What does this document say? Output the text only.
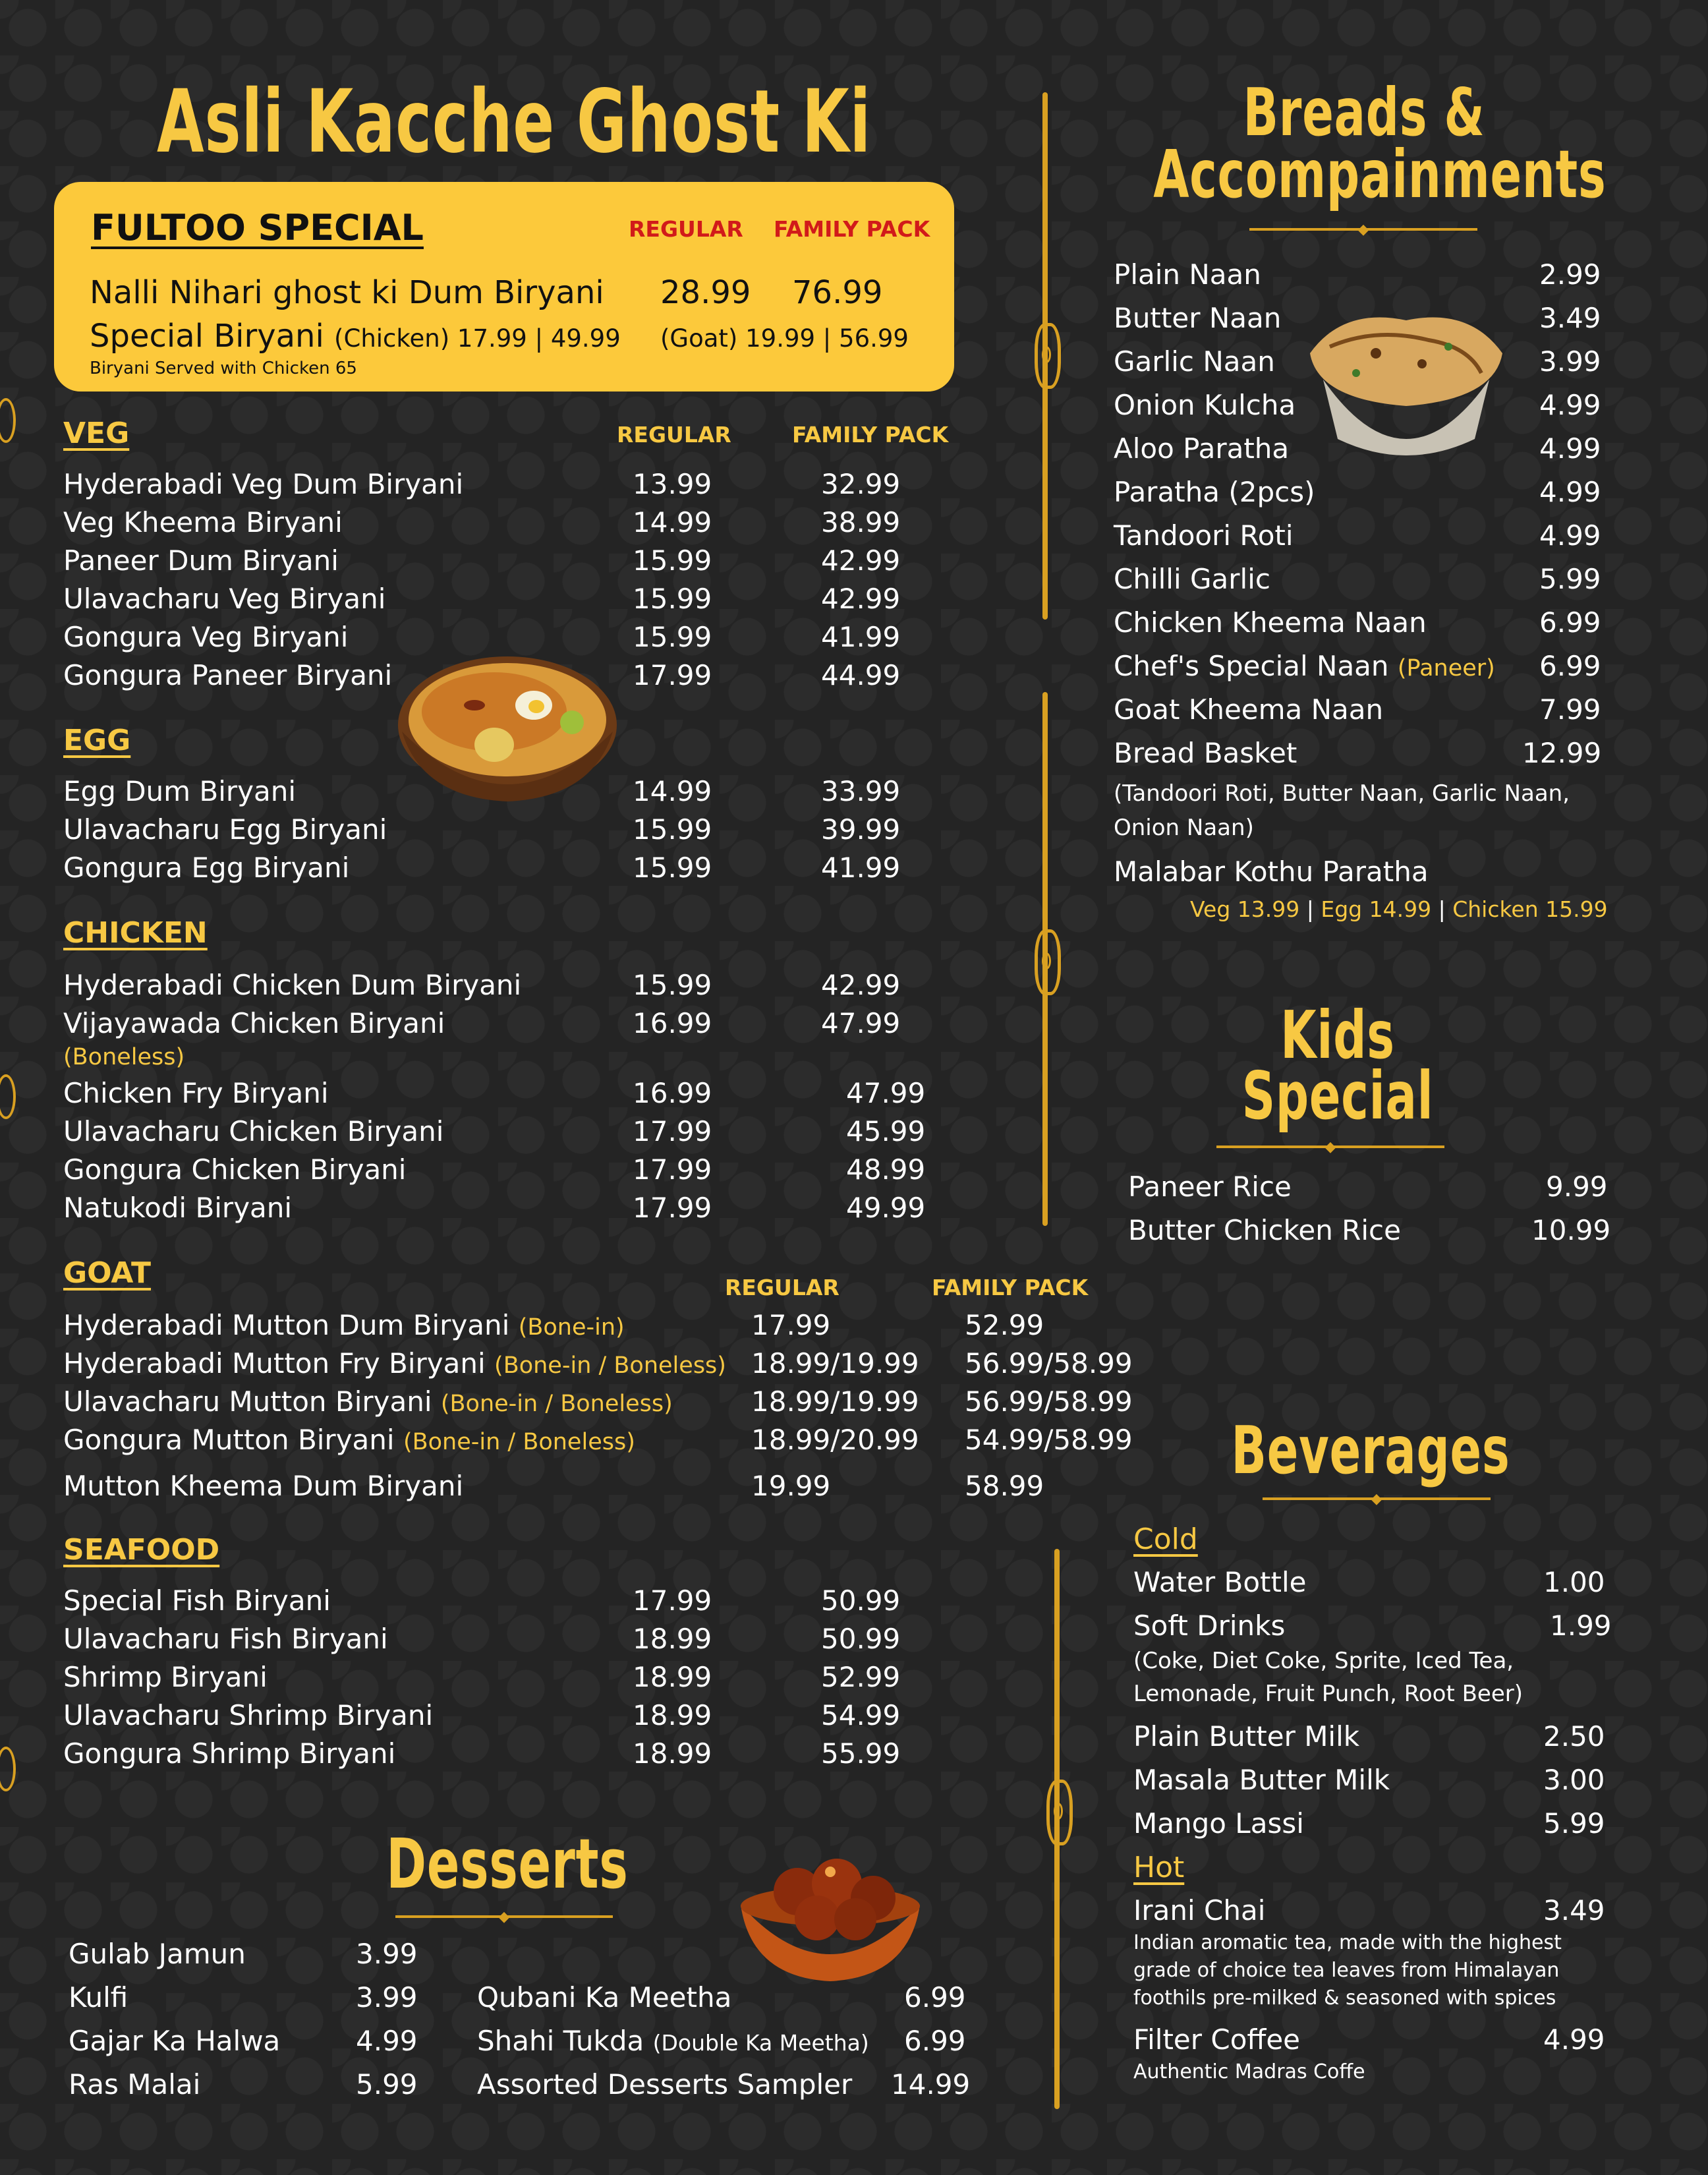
Asli Kacche Ghost Ki
FULTOO SPECIAL	REGULAR FAMILY PACK
Nalli Nihari ghost ki Dum Biryani 28.99 76.99
Special Biryani (Chicken) 17.99 | 49.99 (Goat) 19.99 | 56.99
Biryani Served with Chicken 65
VEG	REGULAR	FAMILY PACK
Hyderabadi Veg Dum Biryani	13.99	32.99
Veg Kheema Biryani	14.99	38.99
Paneer Dum Biryani	15.99	42.99
Ulavacharu Veg Biryani	15.99	42.99
Gongura Veg Biryani	15.99	41.99
Gongura Paneer Biryani	17.99	44.99
EGG
Egg Dum Biryani	14.99	33.99
Ulavacharu Egg Biryani	15.99	39.99
Gongura Egg Biryani	15.99	41.99
CHICKEN
Hyderabadi Chicken Dum Biryani	15.99	42.99
Vijayawada Chicken Biryani	16.99	47.99
(Boneless)
Chicken Fry Biryani	16.99	47.99
Ulavacharu Chicken Biryani	17.99	45.99
Gongura Chicken Biryani	17.99	48.99
Natukodi Biryani	17.99	49.99
GOAT	REGULAR	FAMILY PACK
Hyderabadi Mutton Dum Biryani (Bone-in)	17.99	52.99
Hyderabadi Mutton Fry Biryani (Bone-in / Boneless) 18.99/19.99 56.99/58.99
Ulavacharu Mutton Biryani (Bone-in / Boneless)	18.99/19.99 56.99/58.99
Gongura Mutton Biryani (Bone-in / Boneless)	18.99/20.99 54.99/58.99
Mutton Kheema Dum Biryani	19.99	58.99
SEAFOOD
Special Fish Biryani	17.99	50.99
Ulavacharu Fish Biryani	18.99	50.99
Shrimp Biryani	18.99	52.99
Ulavacharu Shrimp Biryani	18.99	54.99
Gongura Shrimp Biryani	18.99	55.99
Desserts
◆
Gulab Jamun	3.99
Kulfi	3.99
Gajar Ka Halwa	4.99
Ras Malai	5.99
Qubani Ka Meetha	6.99
Shahi Tukda (Double Ka Meetha) 6.99
Assorted Desserts Sampler 14.99
Breads &
Accompainments
◆
Plain Naan	2.99
Butter Naan	3.49
Garlic Naan	3.99
Onion Kulcha	4.99
Aloo Paratha	4.99
Paratha (2pcs)	4.99
Tandoori Roti	4.99
Chilli Garlic	5.99
Chicken Kheema Naan	6.99
Chef's Special Naan (Paneer) 6.99
Goat Kheema Naan	7.99
Bread Basket	12.99
(Tandoori Roti, Butter Naan, Garlic Naan,
Onion Naan)
Malabar Kothu Paratha
Veg 13.99 | Egg 14.99 | Chicken 15.99
Kids
Special
◆
Paneer Rice	9.99
Butter Chicken Rice	10.99
Beverages
◆
Cold
Water Bottle	1.00
Soft Drinks	1.99
(Coke, Diet Coke, Sprite, Iced Tea,
Lemonade, Fruit Punch, Root Beer)
Plain Butter Milk	2.50
Masala Butter Milk	3.00
Mango Lassi	5.99
Hot
Irani Chai	3.49
Indian aromatic tea, made with the highest
grade of choice tea leaves from Himalayan
foothils pre-milked & seasoned with spices
Filter Coffee	4.99
Authentic Madras Coffe
